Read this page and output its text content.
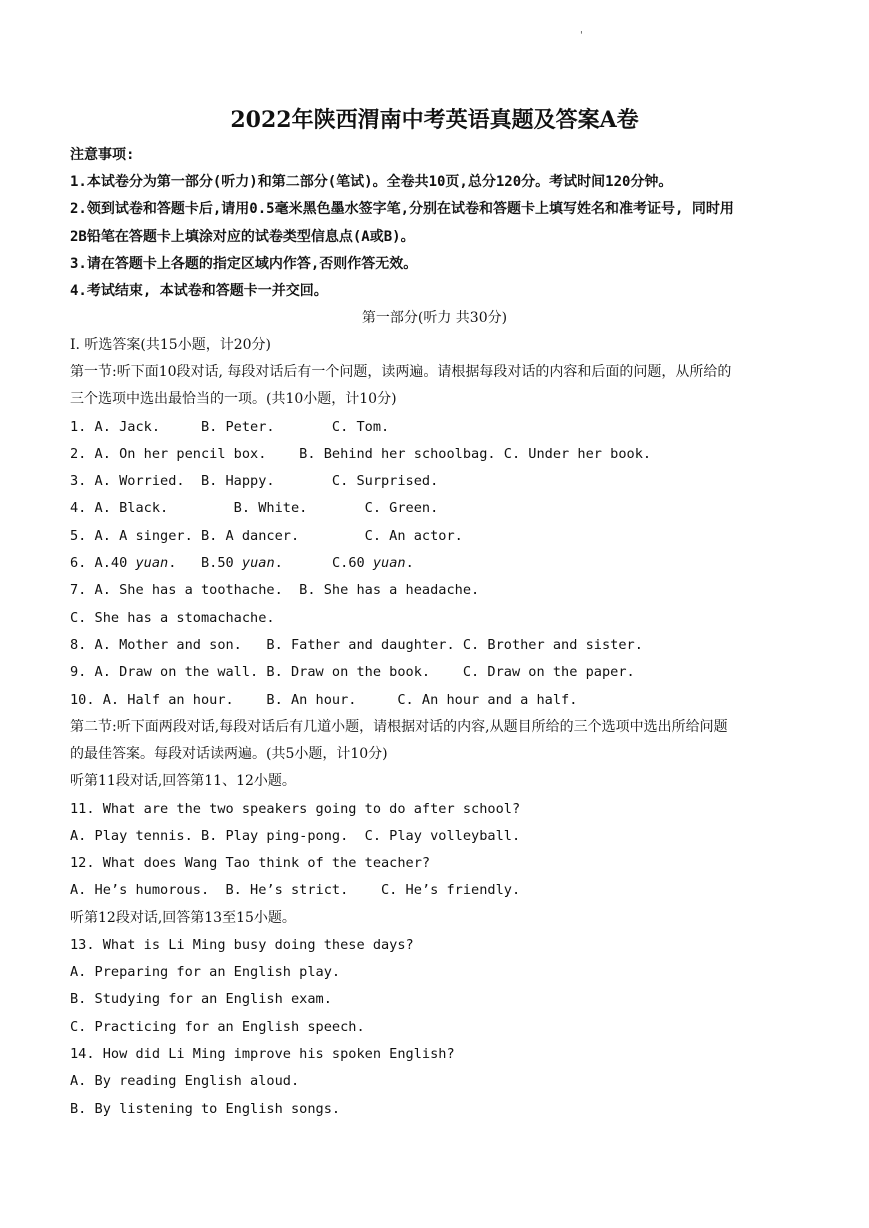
'
2022年陕西渭南中考英语真题及答案A卷
注意事项:
1.本试卷分为第一部分(听力)和第二部分(笔试)。全卷共10页,总分120分。考试时间120分钟。
2.领到试卷和答题卡后,请用0.5毫米黑色墨水签字笔,分别在试卷和答题卡上填写姓名和准考证号, 同时用
2B铅笔在答题卡上填涂对应的试卷类型信息点(A或B)。
3.请在答题卡上各题的指定区域内作答,否则作答无效。
4.考试结束, 本试卷和答题卡一并交回。
第一部分(听力 共30分)
I. 听选答案(共15小题，计20分)
第一节:听下面10段对话, 每段对话后有一个问题，读两遍。请根据每段对话的内容和后面的问题，从所给的
三个选项中选出最恰当的一项。(共10小题，计10分)
1. A. Jack.     B. Peter.       C. Tom.
2. A. On her pencil box.    B. Behind her schoolbag. C. Under her book.
3. A. Worried.  B. Happy.       C. Surprised.
4. A. Black.        B. White.       C. Green.
5. A. A singer. B. A dancer.        C. An actor.
6. A.40 yuan.   B.50 yuan.      C.60 yuan.
7. A. She has a toothache.  B. She has a headache.
C. She has a stomachache.
8. A. Mother and son.   B. Father and daughter. C. Brother and sister.
9. A. Draw on the wall. B. Draw on the book.    C. Draw on the paper.
10. A. Half an hour.    B. An hour.     C. An hour and a half.
第二节:听下面两段对话,每段对话后有几道小题，请根据对话的内容,从题目所给的三个选项中选出所给问题
的最佳答案。每段对话读两遍。(共5小题，计10分)
听第11段对话,回答第11、12小题。
11. What are the two speakers going to do after school?
A. Play tennis. B. Play ping-pong.  C. Play volleyball.
12. What does Wang Tao think of the teacher?
A. He’s humorous.  B. He’s strict.    C. He’s friendly.
听第12段对话,回答第13至15小题。
13. What is Li Ming busy doing these days?
A. Preparing for an English play.
B. Studying for an English exam.
C. Practicing for an English speech.
14. How did Li Ming improve his spoken English?
A. By reading English aloud.
B. By listening to English songs.
